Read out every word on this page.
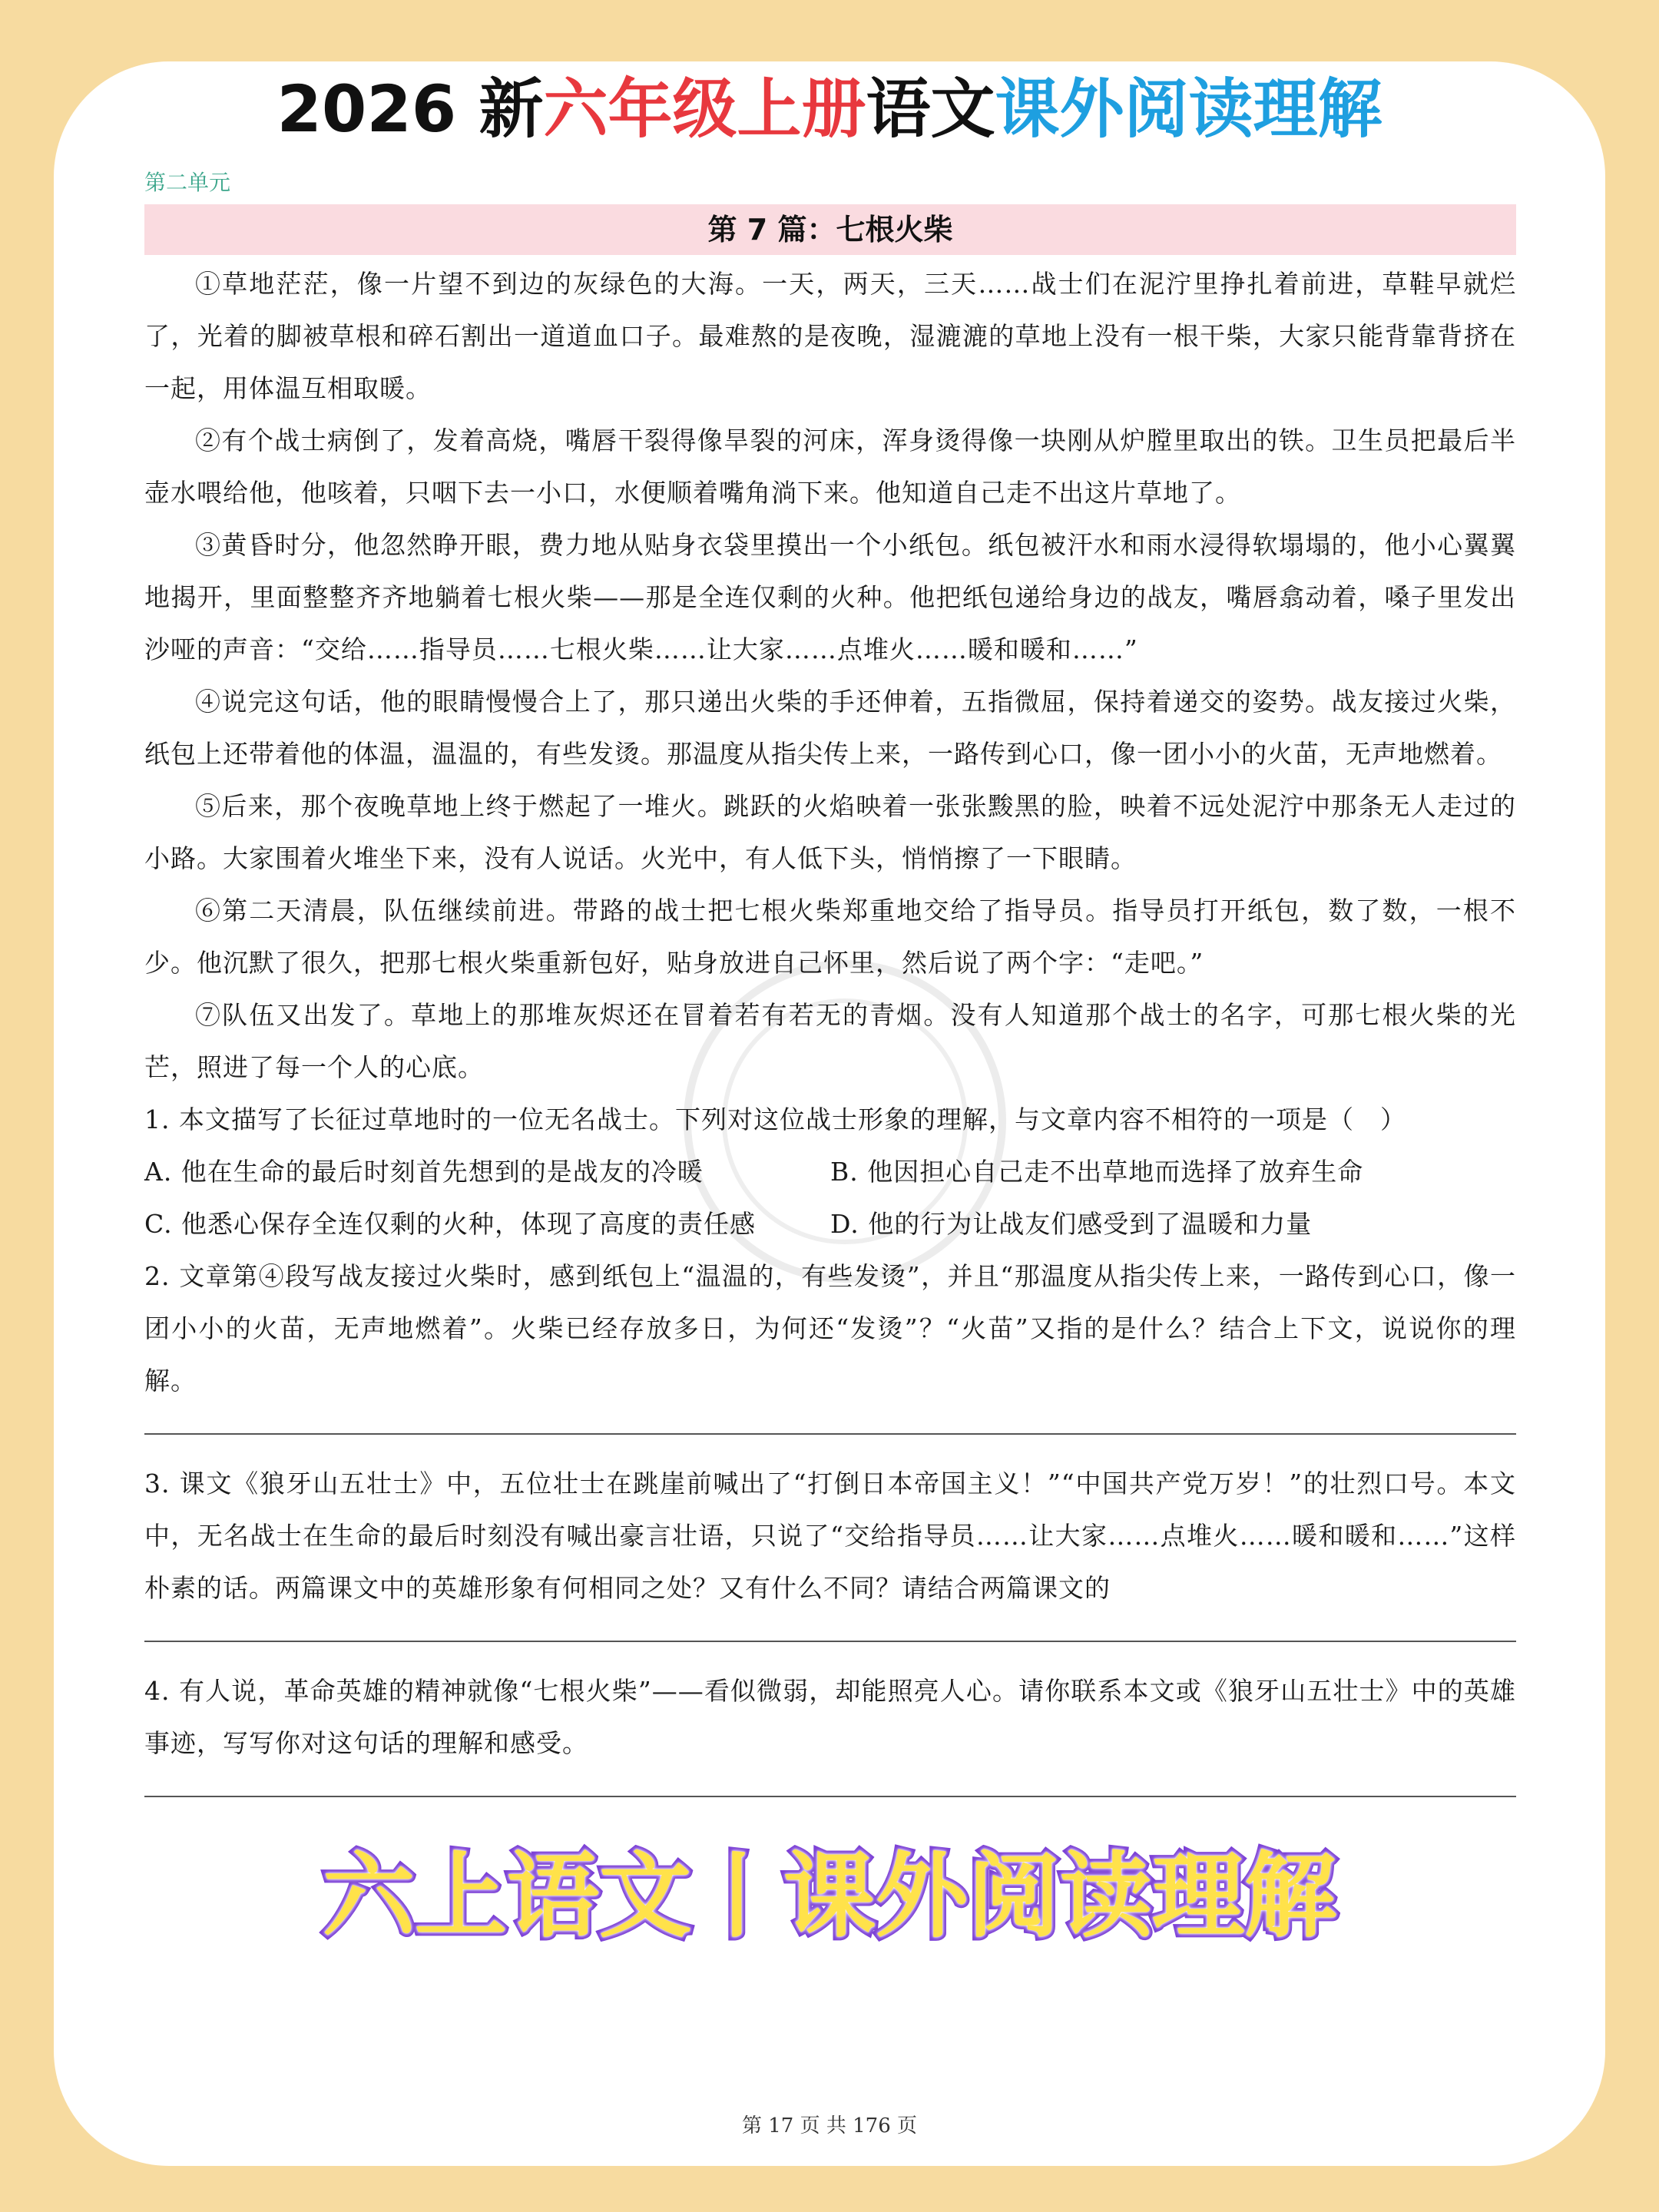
2026 新六年级上册语文课外阅读理解
第二单元
第 7 篇：七根火柴

①草地茫茫，像一片望不到边的灰绿色的大海。一天，两天，三天……战士们在泥泞里挣扎着前进，草鞋早就烂了，光着的脚被草根和碎石割出一道道血口子。最难熬的是夜晚，湿漉漉的草地上没有一根干柴，大家只能背靠背挤在一起，用体温互相取暖。

②有个战士病倒了，发着高烧，嘴唇干裂得像旱裂的河床，浑身烫得像一块刚从炉膛里取出的铁。卫生员把最后半壶水喂给他，他咳着，只咽下去一小口，水便顺着嘴角淌下来。他知道自己走不出这片草地了。

③黄昏时分，他忽然睁开眼，费力地从贴身衣袋里摸出一个小纸包。纸包被汗水和雨水浸得软塌塌的，他小心翼翼地揭开，里面整整齐齐地躺着七根火柴——那是全连仅剩的火种。他把纸包递给身边的战友，嘴唇翕动着，嗓子里发出沙哑的声音：“交给……指导员……七根火柴……让大家……点堆火……暖和暖和……”

④说完这句话，他的眼睛慢慢合上了，那只递出火柴的手还伸着，五指微屈，保持着递交的姿势。战友接过火柴，纸包上还带着他的体温，温温的，有些发烫。那温度从指尖传上来，一路传到心口，像一团小小的火苗，无声地燃着。

⑤后来，那个夜晚草地上终于燃起了一堆火。跳跃的火焰映着一张张黢黑的脸，映着不远处泥泞中那条无人走过的小路。大家围着火堆坐下来，没有人说话。火光中，有人低下头，悄悄擦了一下眼睛。

⑥第二天清晨，队伍继续前进。带路的战士把七根火柴郑重地交给了指导员。指导员打开纸包，数了数，一根不少。他沉默了很久，把那七根火柴重新包好，贴身放进自己怀里，然后说了两个字：“走吧。”

⑦队伍又出发了。草地上的那堆灰烬还在冒着若有若无的青烟。没有人知道那个战士的名字，可那七根火柴的光芒，照进了每一个人的心底。

1. 本文描写了长征过草地时的一位无名战士。下列对这位战士形象的理解，与文章内容不相符的一项是（　）

A. 他在生命的最后时刻首先想到的是战友的冷暖	B. 他因担心自己走不出草地而选择了放弃生命
C. 他悉心保存全连仅剩的火种，体现了高度的责任感	D. 他的行为让战友们感受到了温暖和力量

2. 文章第④段写战友接过火柴时，感到纸包上“温温的，有些发烫”，并且“那温度从指尖传上来，一路传到心口，像一团小小的火苗，无声地燃着”。火柴已经存放多日，为何还“发烫”？“火苗”又指的是什么？结合上下文，说说你的理解。

3. 课文《狼牙山五壮士》中，五位壮士在跳崖前喊出了“打倒日本帝国主义！”“中国共产党万岁！”的壮烈口号。本文中，无名战士在生命的最后时刻没有喊出豪言壮语，只说了“交给指导员……让大家……点堆火……暖和暖和……”这样朴素的话。两篇课文中的英雄形象有何相同之处？又有什么不同？请结合两篇课文的

4. 有人说，革命英雄的精神就像“七根火柴”——看似微弱，却能照亮人心。请你联系本文或《狼牙山五壮士》中的英雄事迹，写写你对这句话的理解和感受。

六上语文丨课外阅读理解
第 17 页 共 176 页
